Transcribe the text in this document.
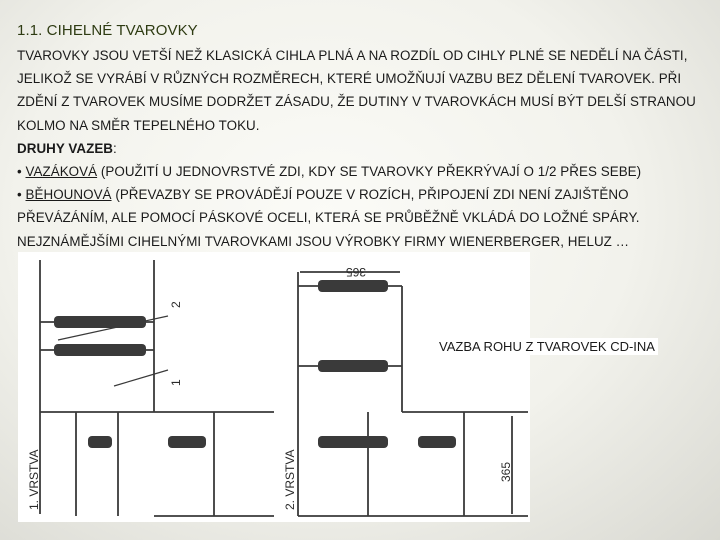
1.1. CIHELNÉ TVAROVKY

TVAROVKY JSOU VETŠÍ NEŽ KLASICKÁ CIHLA PLNÁ A NA ROZDÍL OD CIHLY PLNÉ SE NEDĚLÍ NA ČÁSTI, JELIKOŽ SE VYRÁBÍ V RŮZNÝCH ROZMĚRECH, KTERÉ UMOŽŇUJÍ VAZBU BEZ DĚLENÍ TVAROVEK. PŘI ZDĚNÍ Z TVAROVEK MUSÍME DODRŽET ZÁSADU, ŽE DUTINY V TVAROVKÁCH MUSÍ BÝT DELŠÍ STRANOU KOLMO NA SMĚR TEPELNÉHO TOKU.

DRUHY VAZEB:

• VAZÁKOVÁ (POUŽITÍ U JEDNOVRSTVÉ ZDI, KDY SE TVAROVKY PŘEKRÝVAJÍ O 1/2 PŘES SEBE)

• BĚHOUNOVÁ (PŘEVAZBY SE PROVÁDĚJÍ POUZE V ROZÍCH, PŘIPOJENÍ ZDI NENÍ ZAJIŠTĚNO PŘEVÁZÁNÍM, ALE POMOCÍ PÁSKOVÉ OCELI, KTERÁ SE PRŮBĚŽNĚ VKLÁDÁ DO LOŽNÉ SPÁRY.

NEJZNÁMĚJŠÍMI CIHELNÝMI TVAROVKAMI JSOU VÝROBKY FIRMY WIENERBERGER, HELUZ …

1. VRSTVA	2. VRSTVA	365
365
1
2
VAZBA ROHU Z TVAROVEK CD-INA
